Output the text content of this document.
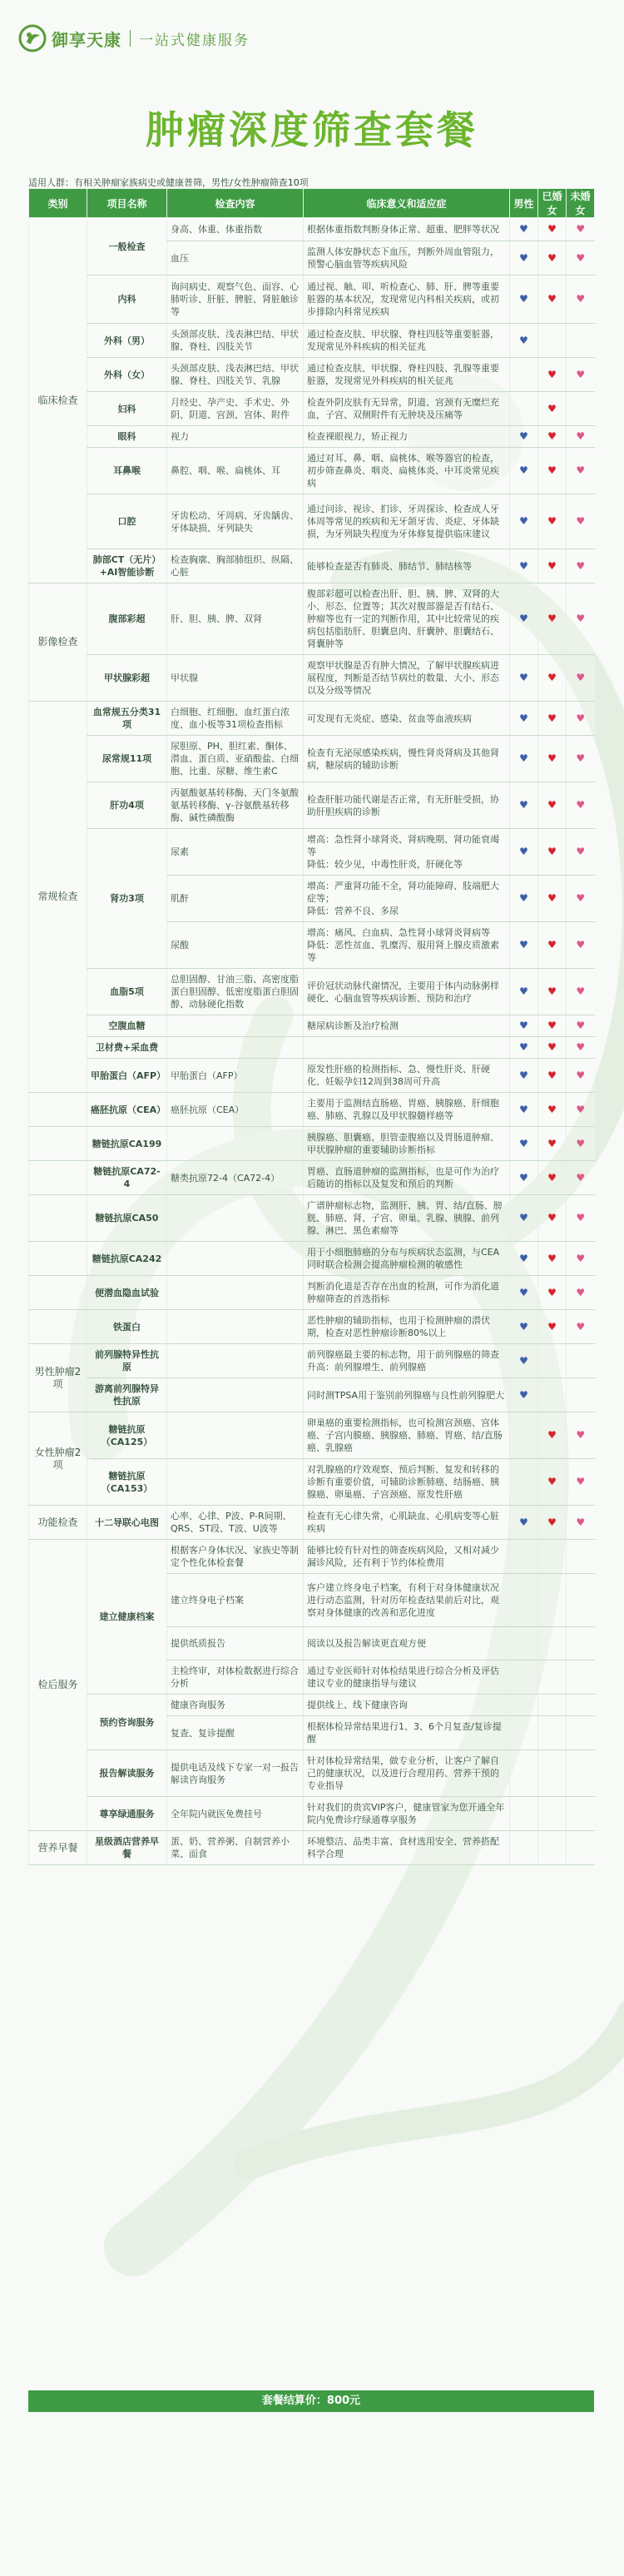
御享天康 一站式健康服务
肿瘤深度筛查套餐
适用人群：有相关肿瘤家族病史或健康普筛，男性/女性肿瘤筛查10项
类别	项目名称	检查内容	临床意义和适应症	男性	已婚女	未婚女
临床检查	一般检查	身高、体重、体重指数	根据体重指数判断身体正常、超重、肥胖等状况	♥	♥	♥
		血压	监测人体安静状态下血压，判断外周血管阻力，预警心脑血管等疾病风险	♥	♥	♥
	内科	询问病史、观察气色、面容、心肺听诊、肝脏、脾脏、肾脏触诊等	通过视、触、叩、听检查心、肺、肝、脾等重要脏器的基本状况，发现常见内科相关疾病，或初步排除内科常见疾病	♥	♥	♥
	外科（男）	头颈部皮肤、浅表淋巴结、甲状腺、脊柱、四肢关节	通过检查皮肤、甲状腺、脊柱四肢等重要脏器，发现常见外科疾病的相关征兆	♥		
	外科（女）	头颈部皮肤、浅表淋巴结、甲状腺、脊柱、四肢关节、乳腺	通过检查皮肤、甲状腺、脊柱四肢、乳腺等重要脏器，发现常见外科疾病的相关征兆		♥	♥
	妇科	月经史、孕产史、手术史、外阴、阴道、宫颈、宫体、附件	检查外阴皮肤有无异常，阴道、宫颈有无糜烂充血，子宫、双侧附件有无肿块及压痛等		♥	
	眼科	视力	检查裸眼视力，矫正视力	♥	♥	♥
	耳鼻喉	鼻腔、咽、喉、扁桃体、耳	通过对耳、鼻、咽、扁桃体、喉等器官的检查，初步筛查鼻炎、咽炎、扁桃体炎、中耳炎常见疾病	♥	♥	♥
	口腔	牙齿松动、牙周病、牙齿龋齿、牙体缺损、牙列缺失	通过问诊、视诊、扪诊、牙周探诊、检查成人牙体周等常见的疾病和无牙颌牙齿、炎症、牙体缺损，为牙列缺失程度为牙体修复提供临床建议	♥	♥	♥
	肺部CT（无片）+AI智能诊断	检查胸廓、胸部肺组织、纵隔、心脏	能够检查是否有肺炎、肺结节、肺结核等	♥	♥	♥
影像检查	腹部彩超	肝、胆、胰、脾、双肾	腹部彩超可以检查出肝、胆、胰、脾、双肾的大小、形态、位置等；其次对腹部器是否有结石、肿瘤等也有一定的判断作用，其中比较常见的疾病包括脂肪肝、胆囊息肉、肝囊肿、胆囊结石、肾囊肿等	♥	♥	♥
	甲状腺彩超	甲状腺	观察甲状腺是否有肿大情况，了解甲状腺疾病进展程度，判断是否结节病灶的数量、大小、形态以及分级等情况	♥	♥	♥
常规检查	血常规五分类31项	白细胞、红细胞、血红蛋白浓度、血小板等31项检查指标	可发现有无炎症、感染、贫血等血液疾病	♥	♥	♥
	尿常规11项	尿胆原、PH、胆红素、酮体、潜血、蛋白质、亚硝酸盐、白细胞、比重、尿糖、维生素C	检查有无泌尿感染疾病，慢性肾炎肾病及其他肾病，糖尿病的辅助诊断	♥	♥	♥
	肝功4项	丙氨酸氨基转移酶、天门冬氨酸氨基转移酶、γ-谷氨酰基转移酶、碱性磷酸酶	检查肝脏功能代谢是否正常，有无肝脏受损，协助肝胆疾病的诊断	♥	♥	♥
	肾功3项	尿素	增高：急性肾小球肾炎、肾病晚期、肾功能衰竭等
降低：较少见，中毒性肝炎，肝硬化等	♥	♥	♥
		肌酐	增高：严重肾功能不全，肾功能障碍、肢端肥大症等；
降低：营养不良、多尿	♥	♥	♥
		尿酸	增高：痛风、白血病、急性肾小球肾炎肾病等
降低：恶性贫血、乳糜泻、服用肾上腺皮质激素等	♥	♥	♥
	血脂5项	总胆固醇、甘油三脂、高密度脂蛋白胆固醇、低密度脂蛋白胆固醇、动脉硬化指数	评价冠状动脉代谢情况，主要用于体内动脉粥样硬化、心脑血管等疾病诊断、预防和治疗	♥	♥	♥
	空腹血糖		糖尿病诊断及治疗检测	♥	♥	♥
	卫材费+采血费			♥	♥	♥
	甲胎蛋白（AFP）	甲胎蛋白（AFP）	原发性肝癌的检测指标、急、慢性肝炎、肝硬化、妊娠孕妇12周到38周可升高	♥	♥	♥
	癌胚抗原（CEA）	癌胚抗原（CEA）	主要用于监测结直肠癌、胃癌、胰腺癌、肝细胞癌、肺癌、乳腺以及甲状腺髓样癌等	♥	♥	♥
	糖链抗原CA199		胰腺癌、胆囊癌、胆管壶腹癌以及胃肠道肿瘤、甲状腺肿瘤的重要辅助诊断指标	♥	♥	♥
	糖链抗原CA72-4	糖类抗原72-4（CA72-4）	胃癌、直肠道肿瘤的监测指标，也是可作为治疗后随访的指标以及复发和预后的判断	♥	♥	♥
	糖链抗原CA50		广谱肿瘤标志物，监测肝、胰、胃、结/直肠、膀胱、肺癌、肾、子宫、卵巢、乳腺、胰腺、前列腺、淋巴、黑色素瘤等	♥	♥	♥
	糖链抗原CA242		用于小细胞肺癌的分布与疾病状态监测，与CEA同时联合检测会提高肿瘤检测的敏感性	♥	♥	♥
	便潜血隐血试验		判断消化道是否存在出血的检测，可作为消化道肿瘤筛查的首选指标	♥	♥	♥
	铁蛋白		恶性肿瘤的辅助指标，也用于检测肿瘤的潜伏期，检查对恶性肿瘤诊断80%以上	♥	♥	♥
男性肿瘤2项	前列腺特异性抗原		前列腺癌最主要的标志物，用于前列腺癌的筛查
升高：前列腺增生、前列腺癌	♥		
	游离前列腺特异性抗原		同时测TPSA用于鉴别前列腺癌与良性前列腺肥大	♥		
女性肿瘤2项	糖链抗原（CA125）		卵巢癌的重要检测指标，也可检测宫颈癌、宫体癌、子宫内膜癌、胰腺癌、肺癌、胃癌、结/直肠癌、乳腺癌		♥	♥
	糖链抗原（CA153）		对乳腺癌的疗效观察、预后判断、复发和转移的诊断有重要价值，可辅助诊断肺癌、结肠癌、胰腺癌、卵巢癌、子宫颈癌、原发性肝癌		♥	♥
功能检查	十二导联心电图	心率、心律、P波、P-R间期、QRS、ST段、T波、U波等	检查有无心律失常，心肌缺血、心肌病变等心脏疾病	♥	♥	♥
检后服务	建立健康档案	根据客户身体状况、家族史等制定个性化体检套餐	能够比较有针对性的筛查疾病风险，又相对减少漏诊风险，还有利于节约体检费用			
		建立终身电子档案	客户建立终身电子档案，有利于对身体健康状况进行动态监测，针对历年检查结果前后对比，观察对身体健康的改善和恶化进度			
		提供纸质报告	阅读以及报告解读更直观方便			
		主检终审，对体检数据进行综合分析	通过专业医师针对体检结果进行综合分析及评估建议专业的健康指导与建议			
	预约咨询服务	健康咨询服务	提供线上、线下健康咨询			
		复查、复诊提醒	根据体检异常结果进行1、3、6个月复查/复诊提醒			
	报告解读服务	提供电话及线下专家一对一报告解读咨询服务	针对体检异常结果，做专业分析，让客户了解自己的健康状况，以及进行合理用药、营养干预的专业指导			
	尊享绿通服务	全年院内就医免费挂号	针对我们的贵宾VIP客户，健康管家为您开通全年院内免费诊疗绿通尊享服务			
营养早餐	星级酒店营养早餐	蛋、奶、营养粥、自制营养小菜、面食	环境整洁、品类丰富、食材选用安全、营养搭配科学合理			
套餐结算价：800元
